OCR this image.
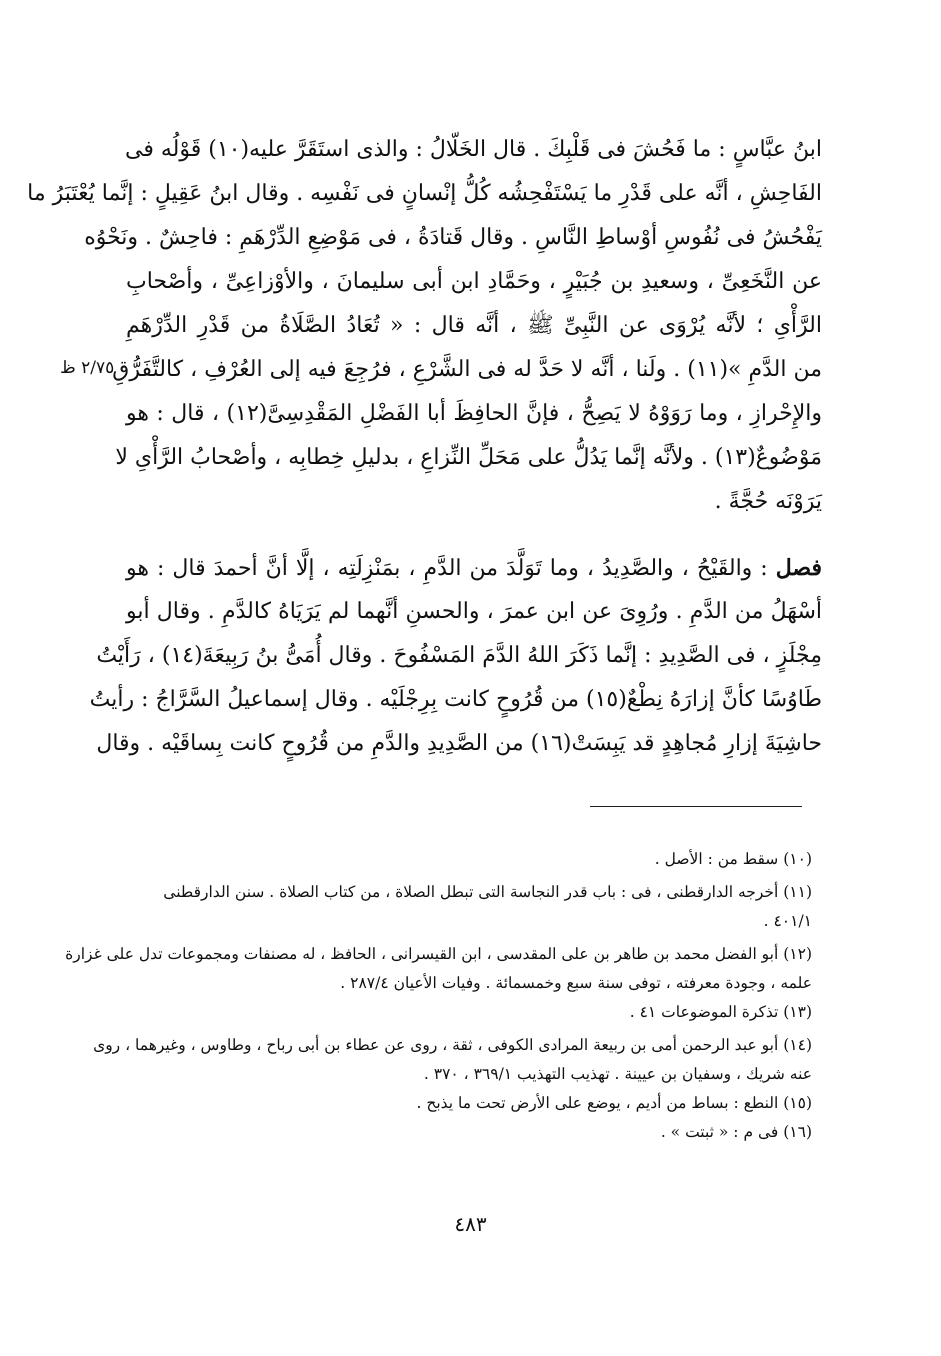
٢/٧٥ ظ
ابنُ عبَّاسٍ : ما فَحُشَ فى قَلْبِكَ . قال الخَلّالُ : والذى استَقَرَّ عليه(١٠) قَوْلُه فى
الفَاحِشِ ، أنَّه على قَدْرِ ما يَسْتَفْحِشُه كُلُّ إنْسانٍ فى نَفْسِه . وقال ابنُ عَقِيلٍ : إنَّما يُعْتَبَرُ ما
يَفْحُشُ فى نُفُوسِ أوْساطِ النَّاسِ . وقال قَتادَةُ ، فى مَوْضِعِ الدِّرْهَمِ : فاحِشٌ . ونَحْوُه
عن النَّخَعِىِّ ، وسعيدِ بن جُبَيْرٍ ، وحَمَّادِ ابن أبى سليمانَ ، والأوْزاعِىِّ ، وأصْحابِ
الرَّأْىِ ؛ لأنَّه يُرْوَى عن النَّبِىِّ ﷺ ، أنَّه قال : « تُعَادُ الصَّلَاةُ من قَدْرِ الدِّرْهَمِ
من الدَّمِ »(١١) . ولَنا ، أنَّه لا حَدَّ له فى الشَّرْعِ ، فرُجِعَ فيه إلى العُرْفِ ، كالتَّفَرُّقِ
والإِحْرازِ ، وما رَوَوْهُ لا يَصِحُّ ، فإنَّ الحافِظَ أبا الفَضْلِ المَقْدِسِىَّ(١٢) ، قال : هو
مَوْضُوعٌ(١٣) . ولأنَّه إنَّما يَدُلُّ على مَحَلِّ النِّزاعِ ، بدليلِ خِطابِه ، وأصْحابُ الرَّأْىِ لا
يَرَوْنَه حُجَّةً .
فصل : والقَيْحُ ، والصَّدِيدُ ، وما تَوَلَّدَ من الدَّمِ ، بمَنْزِلَتِه ، إلَّا أنَّ أحمدَ قال : هو
أسْهَلُ من الدَّمِ . ورُوِىَ عن ابن عمرَ ، والحسنِ أنَّهما لم يَرَيَاهُ كالدَّمِ . وقال أبو
مِجْلَزٍ ، فى الصَّدِيدِ : إنَّما ذَكَرَ اللهُ الدَّمَ المَسْفُوحَ . وقال أُمَىُّ بنُ رَبِيعَةَ(١٤) ، رَأَيْتُ
طَاوُسًا كأنَّ إزارَهُ نِطْعٌ(١٥) من قُرُوحٍ كانت بِرِجْلَيْه . وقال إسماعيلُ السَّرَّاجُ : رأيتُ
حاشِيَةَ إزارِ مُجاهِدٍ قد يَبِسَتْ(١٦) من الصَّدِيدِ والدَّمِ من قُرُوحٍ كانت بِساقَيْه . وقال
(١٠) سقط من : الأصل .
(١١) أخرجه الدارقطنى ، فى : باب قدر النجاسة التى تبطل الصلاة ، من كتاب الصلاة . سنن الدارقطنى
٤٠١/١ .
(١٢) أبو الفضل محمد بن طاهر بن على المقدسى ، ابن القيسرانى ، الحافظ ، له مصنفات ومجموعات تدل على غزارة
علمه ، وجودة معرفته ، توفى سنة سبع وخمسمائة . وفيات الأعيان ٢٨٧/٤ .
(١٣) تذكرة الموضوعات ٤١ .
(١٤) أبو عبد الرحمن أمى بن ربيعة المرادى الكوفى ، ثقة ، روى عن عطاء بن أبى رباح ، وطاوس ، وغيرهما ، روى
عنه شريك ، وسفيان بن عيينة . تهذيب التهذيب ٣٦٩/١ ، ٣٧٠ .
(١٥) النطع : بساط من أديم ، يوضع على الأرض تحت ما يذبح .
(١٦) فى م : « ثبتت » .
٤٨٣
